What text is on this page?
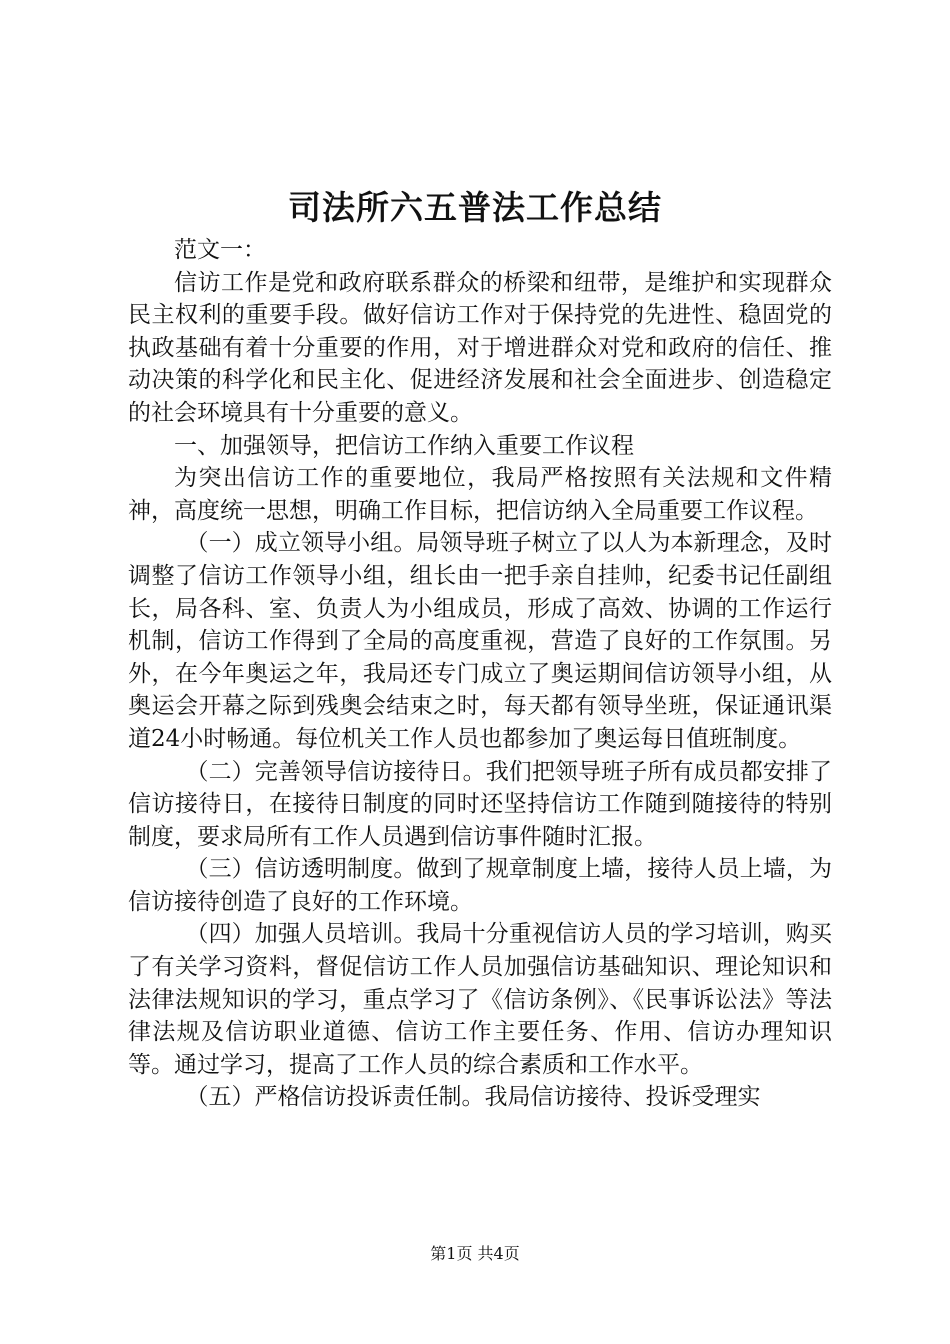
司法所六五普法工作总结

范文一：

信访工作是党和政府联系群众的桥梁和纽带，是维护和实现群众民主权利的重要手段。做好信访工作对于保持党的先进性、稳固党的执政基础有着十分重要的作用，对于增进群众对党和政府的信任、推动决策的科学化和民主化、促进经济发展和社会全面进步、创造稳定的社会环境具有十分重要的意义。

一、加强领导，把信访工作纳入重要工作议程

为突出信访工作的重要地位，我局严格按照有关法规和文件精神，高度统一思想，明确工作目标，把信访纳入全局重要工作议程。

（一）成立领导小组。局领导班子树立了以人为本新理念，及时调整了信访工作领导小组，组长由一把手亲自挂帅，纪委书记任副组长，局各科、室、负责人为小组成员，形成了高效、协调的工作运行机制，信访工作得到了全局的高度重视，营造了良好的工作氛围。另外，在今年奥运之年，我局还专门成立了奥运期间信访领导小组，从奥运会开幕之际到残奥会结束之时，每天都有领导坐班，保证通讯渠道24小时畅通。每位机关工作人员也都参加了奥运每日值班制度。

（二）完善领导信访接待日。我们把领导班子所有成员都安排了信访接待日，在接待日制度的同时还坚持信访工作随到随接待的特别制度，要求局所有工作人员遇到信访事件随时汇报。

（三）信访透明制度。做到了规章制度上墙，接待人员上墙，为信访接待创造了良好的工作环境。

（四）加强人员培训。我局十分重视信访人员的学习培训，购买了有关学习资料，督促信访工作人员加强信访基础知识、理论知识和法律法规知识的学习，重点学习了《信访条例》、《民事诉讼法》等法律法规及信访职业道德、信访工作主要任务、作用、信访办理知识等。通过学习，提高了工作人员的综合素质和工作水平。

（五）严格信访投诉责任制。我局信访接待、投诉受理实

第1页 共4页
